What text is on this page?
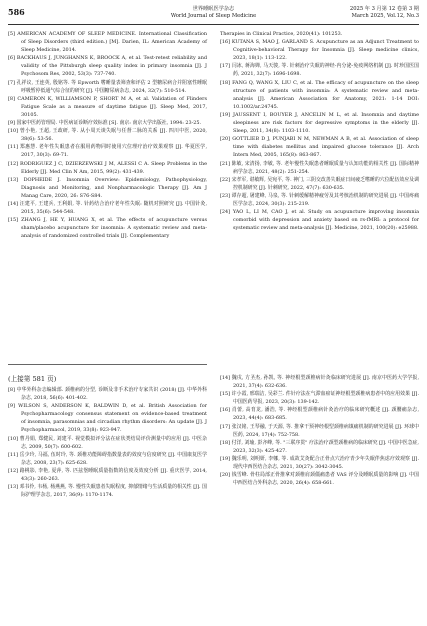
586	世界睡眠医学杂志
World Journal of Sleep Medicine
2025 年 3 月第 12 卷第 3 期
March 2025, Vol.12, No.3

[5] AMERICAN ACADEMY OF SLEEP MEDICINE. International Classification of Sleep Disorders (third edition.) [M]. Darien, IL: American Academy of Sleep Medicine, 2014.

[6] BACKHAUS J, JUNGHANNS K, BROOCK A, et al. Test-retest reliability and validity of the Pittsburgh sleep quality index in primary insomnia [J]. J Psychosom Res, 2002, 53(3): 737-740.

[7] 孔祥议, 王连英, 殷铭等. 等 Epworth 嗜睡量表筛查和评估 2 型糖尿病合并阻塞性睡眠呼吸暂停低通气综合征的研究 [J]. 中国糖尿病杂志, 2024, 32(7): 510-514.

[8] CAMERON K, WILLIAMSON P, SHORT M A, et al. Validation of Flinders Fatigue Scale as a measure of daytime fatigue [J]. Sleep Med, 2017, 30105.

[9] 国家中医药管理局. 中医病证诊断疗效标准 [S]. 南京: 南京大学出版社, 1994: 23-25.

[10] 曾小艳, 王超, 王政研, 等. 从小周天谈失眠与任督二脉的关系 [J]. 四川中医, 2020, 38(6): 53-56.

[11] 郑惠慧. 老年性失眠患者在服用药物同时使用穴位理疗治疗效果观察 [J]. 华夏医学, 2017, 30(3): 69-71.

[12] RODRIGUEZ J C, DZIERZEWSKI J M, ALESSI C A. Sleep Problems in the Elderly [J]. Med Clin N Am, 2015, 99(2): 431-439.

[13] DOPHEIDE J. Insomnia Overview: Epidemiology, Pathophysiology, Diagnosis and Monitoring, and Nonpharmacologic Therapy [J]. Am J Manag Care, 2020, 26: S76-S84.

[14] 汪建平, 王建兵, 王利娟, 等. 针药结合治疗老年性失眠: 随机对照研究 [J]. 中国针灸, 2015, 35(6): 544-548.

[15] ZHANG J, HE Y, HUANG X, et al. The effects of acupuncture versus sham/placebo acupuncture for insomnia: A systematic review and meta-analysis of randomized controlled trials [J]. Complementary

Therapies in Clinical Practice, 2020(41): 101253.

[16] KUTANA S, MAO J, GARLAND S. Acupuncture as an Adjunct Treatment to Cognitive-behavioral Therapy for Insomnia [J]. Sleep medicine clinics, 2023, 18(1): 113-122.

[17] 闫冰, 蒋海婵, 马天骏, 等. 针刺治疗失眠的神经-内分泌-免疫网络机制 [J]. 时珍国医国药, 2021, 32(7): 1696-1698.

[18] FANG Q, WANG X, LIU C, et al. The efficacy of acupuncture on the sleep structure of patients with insomnia: A systematic review and meta-analysis [J]. American Association for Anatomy, 2021: 1-14 DOI: 10.1002/ar.24745.

[19] JAUSSENT I, BOUYER J, ANCELIN M L, et al. Insomnia and daytime sleepiness are risk factors for depressive symptoms in the elderly [J]. Sleep, 2011, 34(8): 1103-1110.

[20] GOTTLIEB D J, PUNJABI N M, NEWMAN A B, et al. Association of sleep time with diabetes mellitus and impaired glucose tolerance [J]. Arch Intern Med, 2005, 165(8): 863-867.

[21] 陈敏, 宋清扬, 李敏, 等. 老年慢性失眠患者睡眠质量与认知功能的相关性 [J]. 国际精神病学杂志, 2021, 48(2): 251-254.

[22] 宋孝军, 谌敏辉, 吴宛平, 等. 神门, 三阴交改善失眠症日间疲乏嗜睡的穴位配伍效应及调控机制研究 [J]. 针刺研究, 2022, 47(7): 630-635.

[23] 谭存超, 屠建峰, 马泉, 等. 针刺缓解精神疲劳及其考核治机制的研究进展 [J]. 中国疼痛医学杂志, 2024, 30(3): 215-219.

[24] YAO L, LI M, CAO J, et al. Study on acupuncture improving insomnia comorbid with depression and anxiety based on rs-fMRI: a protocol for systematic review and meta-analysis [J]. Medicine, 2021, 100(20): e25988.

(上接第 581 页)

[8] 中华外科杂志编辑部. 颈椎病的分型, 诊断及非手术治疗专家共识 (2018) [J]. 中华外科杂志, 2018, 56(6): 401-402.

[9] WILSON S, ANDERSON K, BALDWIN D, et al. British Association for Psychopharmacology consensus statement on evidence-based treatment of insomnia, parasomnias and circadian rhythm disorders: An update [J]. J Psychopharmacol, 2019, 33(8): 923-947.

[10] 曹丹娟, 郑健民, 刘建平. 视觉模拟评分法在症状类结局评价测量中的应用 [J]. 中医杂志, 2009, 50(7): 600-602.

[11] 岳少玲, 马福, 伍时玲, 等. 颈椎功能障碍指数量表的效度与信度研究 [J]. 中国康复医学杂志, 2008, 23(7): 625-628.

[12] 路桃影, 李艳, 夏萍, 等. 匹兹堡睡眠质量指数的信度及效度分析 [J]. 重庆医学, 2014, 43(3): 260-263.

[13] 邓书伶, 韦杨, 杨燕燕, 等. 慢性失眠患者失眠程度, 抑郁情绪与生活质量的相关性 [J]. 国际护理学杂志, 2017, 36(9): 1170-1174.

[14] 魏戌, 方圣杰, 孙凯, 等. 神经根型颈椎病针灸临床研究进展 [J]. 南京中医药大学学报, 2021, 37(4): 632-636.

[15] 许小霞, 邢瑞洁, 吴彩兰. 件针疗法在气滞血瘀证神经根型颈椎病患者中的应用效果 [J]. 中国医药导报, 2023, 20(3): 139-142.

[16] 肖蕾, 高育龙, 潘浩, 等. 神经根型颈椎病针灸治疗的临床研究概述 [J]. 颈腰痛杂志, 2023, 44(4): 683-685.

[17] 张汉铭, 王琴融, 于天源, 等. 推拿干预神经根型颈椎病镇痛机制的研究进展 [J]. 环球中医药, 2024, 17(4): 752-758.

[18] 付洋, 刘瑜, 彭齐峰, 等. "三联序贯" 疗法治疗颈型颈椎病的临床研究 [J]. 中国中医急症, 2023, 32(3): 425-427.

[19] 魏乐明, 刘明妍, 李娜, 等. 成故艾灸配合正骨点穴治疗青少年失眠伴焦虑疗效观察 [J]. 现代中西医结合杂志, 2021, 30(27): 3042-3045.

[20] 钱雪峰. 骨柱局部正骨推拿对颈椎肩颈僵痛患者 VAS 评分及睡眠质量的影响 [J]. 中国中西医结合外科杂志, 2020, 26(4): 658-661.
